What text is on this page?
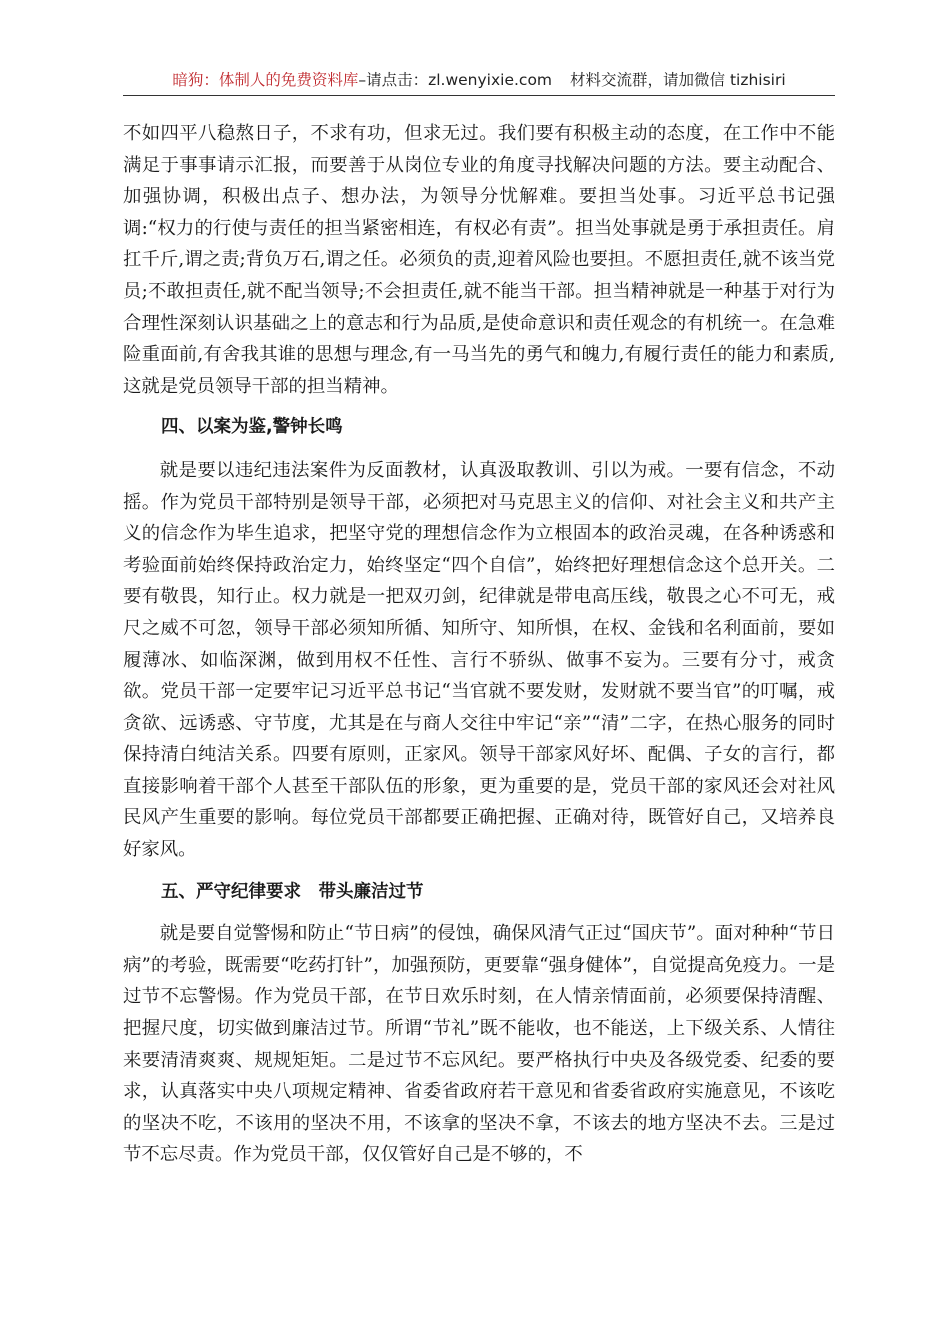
暗狗：体制人的免费资料库–请点击：zl.wenyixie.com 材料交流群，请加微信 tizhisiri

不如四平八稳熬日子，不求有功，但求无过。我们要有积极主动的态度，在工作中不能满足于事事请示汇报，而要善于从岗位专业的角度寻找解决问题的方法。要主动配合、加强协调，积极出点子、想办法，为领导分忧解难。要担当处事。习近平总书记强调:“权力的行使与责任的担当紧密相连，有权必有责”。担当处事就是勇于承担责任。肩扛千斤,谓之责;背负万石,谓之任。必须负的责,迎着风险也要担。不愿担责任,就不该当党员;不敢担责任,就不配当领导;不会担责任,就不能当干部。担当精神就是一种基于对行为合理性深刻认识基础之上的意志和行为品质,是使命意识和责任观念的有机统一。在急难险重面前,有舍我其谁的思想与理念,有一马当先的勇气和魄力,有履行责任的能力和素质,这就是党员领导干部的担当精神。

四、以案为鉴,警钟长鸣

就是要以违纪违法案件为反面教材，认真汲取教训、引以为戒。一要有信念，不动摇。作为党员干部特别是领导干部，必须把对马克思主义的信仰、对社会主义和共产主义的信念作为毕生追求，把坚守党的理想信念作为立根固本的政治灵魂，在各种诱惑和考验面前始终保持政治定力，始终坚定“四个自信”，始终把好理想信念这个总开关。二要有敬畏，知行止。权力就是一把双刃剑，纪律就是带电高压线，敬畏之心不可无，戒尺之威不可忽，领导干部必须知所循、知所守、知所惧，在权、金钱和名利面前，要如履薄冰、如临深渊，做到用权不任性、言行不骄纵、做事不妄为。三要有分寸，戒贪欲。党员干部一定要牢记习近平总书记“当官就不要发财，发财就不要当官”的叮嘱，戒贪欲、远诱惑、守节度，尤其是在与商人交往中牢记“亲”“清”二字，在热心服务的同时保持清白纯洁关系。四要有原则，正家风。领导干部家风好坏、配偶、子女的言行，都直接影响着干部个人甚至干部队伍的形象，更为重要的是，党员干部的家风还会对社风民风产生重要的影响。每位党员干部都要正确把握、正确对待，既管好自己，又培养良好家风。

五、严守纪律要求　带头廉洁过节

就是要自觉警惕和防止“节日病”的侵蚀，确保风清气正过“国庆节”。面对种种“节日病”的考验，既需要“吃药打针”，加强预防，更要靠“强身健体”，自觉提高免疫力。一是过节不忘警惕。作为党员干部，在节日欢乐时刻，在人情亲情面前，必须要保持清醒、把握尺度，切实做到廉洁过节。所谓“节礼”既不能收，也不能送，上下级关系、人情往来要清清爽爽、规规矩矩。二是过节不忘风纪。要严格执行中央及各级党委、纪委的要求，认真落实中央八项规定精神、省委省政府若干意见和省委省政府实施意见，不该吃的坚决不吃，不该用的坚决不用，不该拿的坚决不拿，不该去的地方坚决不去。三是过节不忘尽责。作为党员干部，仅仅管好自己是不够的，不
